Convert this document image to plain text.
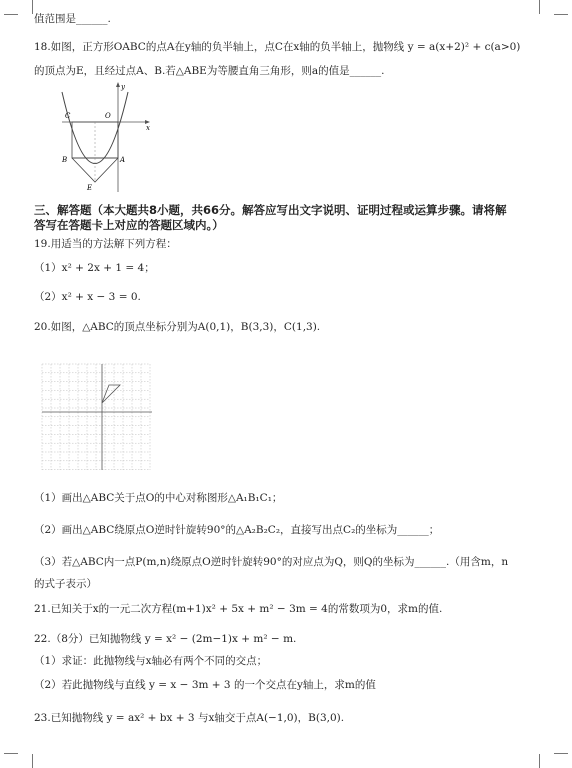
值范围是______.
18.如图，正方形OABC的点A在y轴的负半轴上，点C在x轴的负半轴上，抛物线 y = a(x+2)² + c(a>0)
的顶点为E，且经过点A、B.若△ABE为等腰直角三角形，则a的值是______.
y
x
O
C
A
B
E
三、解答题（本大题共8小题，共66分。解答应写出文字说明、证明过程或运算步骤。请将解
答写在答题卡上对应的答题区域内。）
19.用适当的方法解下列方程：
（1）x² + 2x + 1 = 4；
（2）x² + x − 3 = 0.
20.如图，△ABC的顶点坐标分别为A(0,1)，B(3,3)，C(1,3).
（1）画出△ABC关于点O的中心对称图形△A₁B₁C₁；
（2）画出△ABC绕原点O逆时针旋转90°的△A₂B₂C₂，直接写出点C₂的坐标为______；
（3）若△ABC内一点P(m,n)绕原点O逆时针旋转90°的对应点为Q，则Q的坐标为______.（用含m，n
的式子表示）
21.已知关于x的一元二次方程(m+1)x² + 5x + m² − 3m = 4的常数项为0，求m的值.
22.（8分）已知抛物线 y = x² − (2m−1)x + m² − m.
（1）求证：此抛物线与x轴必有两个不同的交点；
（2）若此抛物线与直线 y = x − 3m + 3 的一个交点在y轴上，求m的值
23.已知抛物线 y = ax² + bx + 3 与x轴交于点A(−1,0)，B(3,0).
